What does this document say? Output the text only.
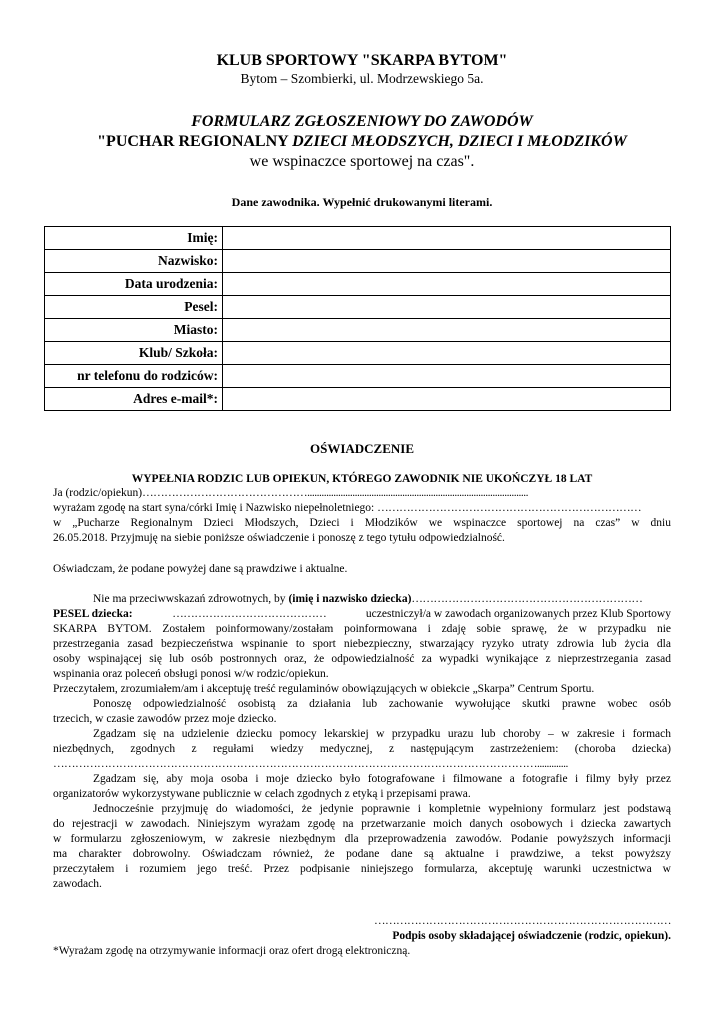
KLUB SPORTOWY "SKARPA BYTOM"
Bytom – Szombierki, ul. Modrzewskiego 5a.
FORMULARZ ZGŁOSZENIOWY DO ZAWODÓW
"PUCHAR REGIONALNY DZIECI MŁODSZYCH, DZIECI I MŁODZIKÓW
we wspinaczce sportowej na czas".
Dane zawodnika. Wypełnić drukowanymi literami.
Imię:	
Nazwisko:	
Data urodzenia:	
Pesel:	
Miasto:	
Klub/ Szkoła:	
nr telefonu do rodziców:	
Adres e-mail*:	
OŚWIADCZENIE
WYPEŁNIA RODZIC LUB OPIEKUN, KTÓREGO ZAWODNIK NIE UKOŃCZYŁ 18 LAT
Ja (rodzic/opiekun)……………………………………….............................................................................................
wyrażam zgodę na start syna/córki Imię i Nazwisko niepełnoletniego: ………………………………………………………………
w „Pucharze Regionalnym Dzieci Młodszych, Dzieci i Młodzików we wspinaczce sportowej na czas” w dniu
26.05.2018. Przyjmuję na siebie poniższe oświadczenie i ponoszę z tego tytułu odpowiedzialność.
Oświadczam, że podane powyżej dane są prawdziwe i aktualne.
Nie ma przeciwwskazań zdrowotnych, by (imię i nazwisko dziecka)………………………………………………………
PESEL dziecka:	……………………………………	uczestniczył/a w zawodach organizowanych przez Klub Sportowy
SKARPA BYTOM. Zostałem poinformowany/zostałam poinformowana i zdaję sobie sprawę, że w przypadku nie
przestrzegania zasad bezpieczeństwa wspinanie to sport niebezpieczny, stwarzający ryzyko utraty zdrowia lub życia dla
osoby wspinającej się lub osób postronnych oraz, że odpowiedzialność za wypadki wynikające z nieprzestrzegania zasad
wspinania oraz poleceń obsługi ponosi w/w rodzic/opiekun.
Przeczytałem, zrozumiałem/am i akceptuję treść regulaminów obowiązujących w obiekcie „Skarpa” Centrum Sportu.
Ponoszę odpowiedzialność osobistą za działania lub zachowanie wywołujące skutki prawne wobec osób
trzecich, w czasie zawodów przez moje dziecko.
Zgadzam się na udzielenie dziecku pomocy lekarskiej w przypadku urazu lub choroby – w zakresie i formach
niezbędnych, zgodnych z regułami wiedzy medycznej, z następującym zastrzeżeniem: (choroba dziecka)
…………………………………………………………………………………………………………………….............
Zgadzam się, aby moja osoba i moje dziecko było fotografowane i filmowane a fotografie i filmy były przez
organizatorów wykorzystywane publicznie w celach zgodnych z etyką i przepisami prawa.
Jednocześnie przyjmuję do wiadomości, że jedynie poprawnie i kompletnie wypełniony formularz jest podstawą
do rejestracji w zawodach. Niniejszym wyrażam zgodę na przetwarzanie moich danych osobowych i dziecka zawartych
w formularzu zgłoszeniowym, w zakresie niezbędnym dla przeprowadzenia zawodów. Podanie powyższych informacji
ma charakter dobrowolny. Oświadczam również, że podane dane są aktualne i prawdziwe, a tekst powyższy
przeczytałem i rozumiem jego treść. Przez podpisanie niniejszego formularza, akceptuję warunki uczestnictwa w
zawodach.
………………………………………………………………………
Podpis osoby składającej oświadczenie (rodzic, opiekun).
*Wyrażam zgodę na otrzymywanie informacji oraz ofert drogą elektroniczną.
